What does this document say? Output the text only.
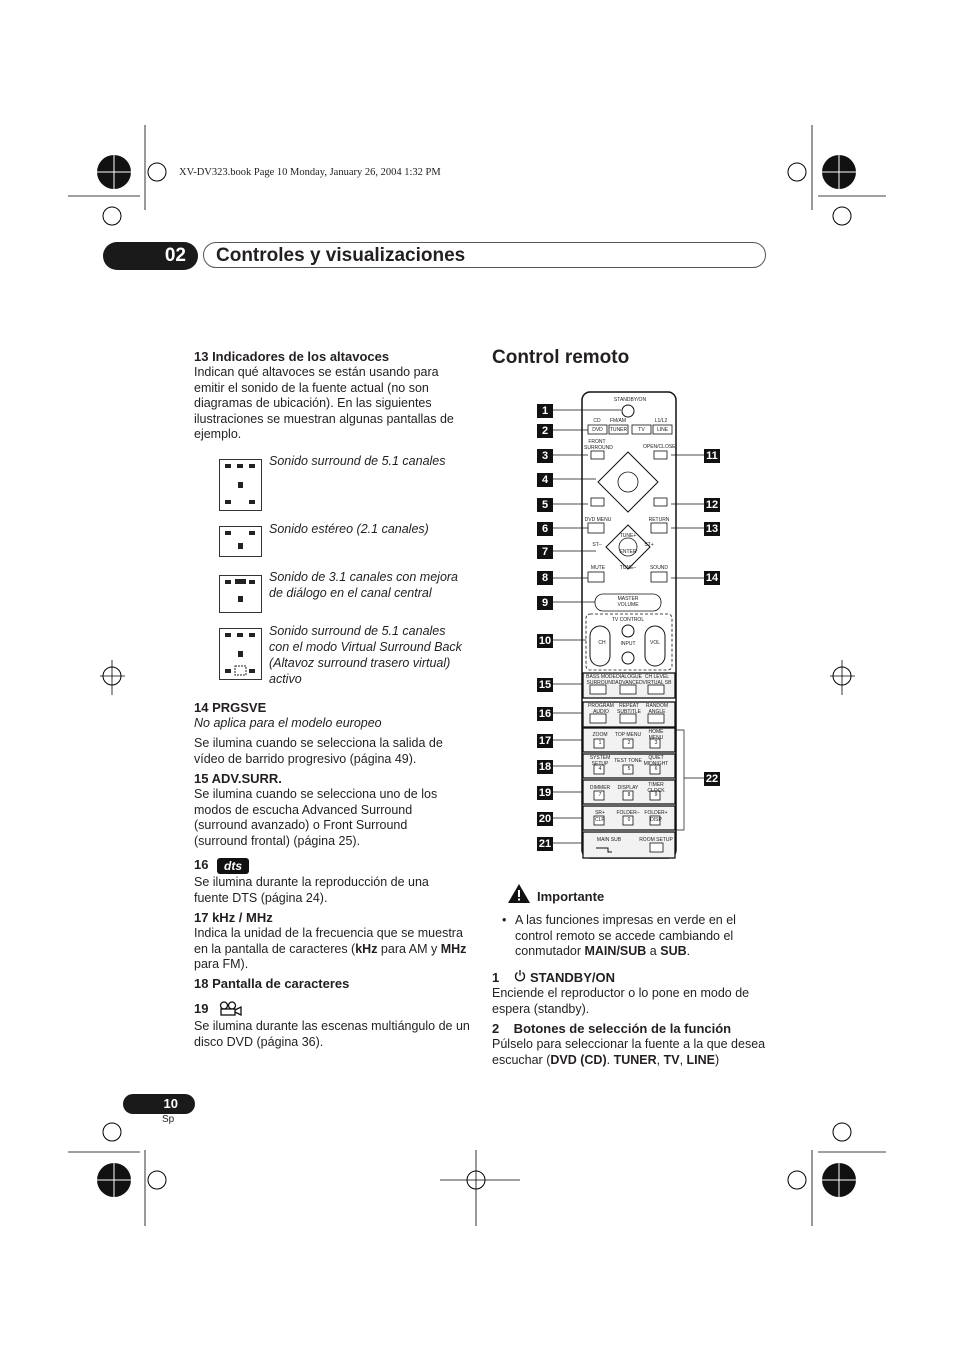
XV-DV323.book Page 10 Monday, January 26, 2004 1:32 PM
02	Controles y visualizaciones
13 Indicadores de los altavoces
Indican qué altavoces se están usando para emitir el sonido de la fuente actual (no son diagramas de ubicación). En las siguientes ilustraciones se muestran algunas pantallas de ejemplo.
Sonido surround de 5.1 canales
Sonido estéreo (2.1 canales)
Sonido de 3.1 canales con mejora de diálogo en el canal central
Sonido surround de 5.1 canales con el modo Virtual Surround Back (Altavoz surround trasero virtual) activo
14 PRGSVE
No aplica para el modelo europeo
Se ilumina cuando se selecciona la salida de vídeo de barrido progresivo (página 49).
15 ADV.SURR.
Se ilumina cuando se selecciona uno de los modos de escucha Advanced Surround (surround avanzado) o Front Surround (surround frontal) (página 25).
16	dts
Se ilumina durante la reproducción de una fuente DTS (página 24).
17 kHz / MHz
Indica la unidad de la frecuencia que se muestra en la pantalla de caracteres (kHz para AM y MHz para FM).
18 Pantalla de caracteres
19
Se ilumina durante las escenas multiángulo de un disco DVD (página 36).
Control remoto
STANDBY/ON
CD	FM/AM	L1/L2
DVD	TUNER	TV	LINE
FRONT SURROUND	OPEN/CLOSE
DVD MENU	RETURN
TUNE+
ST–	ST+
ENTER
TUNE–
MUTE	SOUND
MASTER VOLUME
TV CONTROL
CH	INPUT	VOL
BASS MODE SURROUND
DIALOGUE ADVANCED
CH LEVEL VIRTUAL SB
PROGRAM AUDIO
REPEAT SUBTITLE
RANDOM ANGLE
ZOOM	TOP MENU	HOME MENU
SYSTEM SETUP	TEST TONE	QUIET MIDNIGHT
DIMMER	DISPLAY	TIMER CLOCK
SR+	FOLDER– FOLDER+
1	2	3
4	5	6
7	8	9
CLR	0	DISP
MAIN SUB	ROOM SETUP
1
2
3
4
5
6
7
8
9
10
15
16
17
18
19
20
21
11
12
13
14
22
Importante
• A las funciones impresas en verde en el control remoto se accede cambiando el conmutador MAIN/SUB a SUB.
1 STANDBY/ON
Enciende el reproductor o lo pone en modo de espera (standby).
2    Botones de selección de la función
Púlselo para seleccionar la fuente a la que desea escuchar (DVD (CD). TUNER, TV, LINE)
10
Sp
